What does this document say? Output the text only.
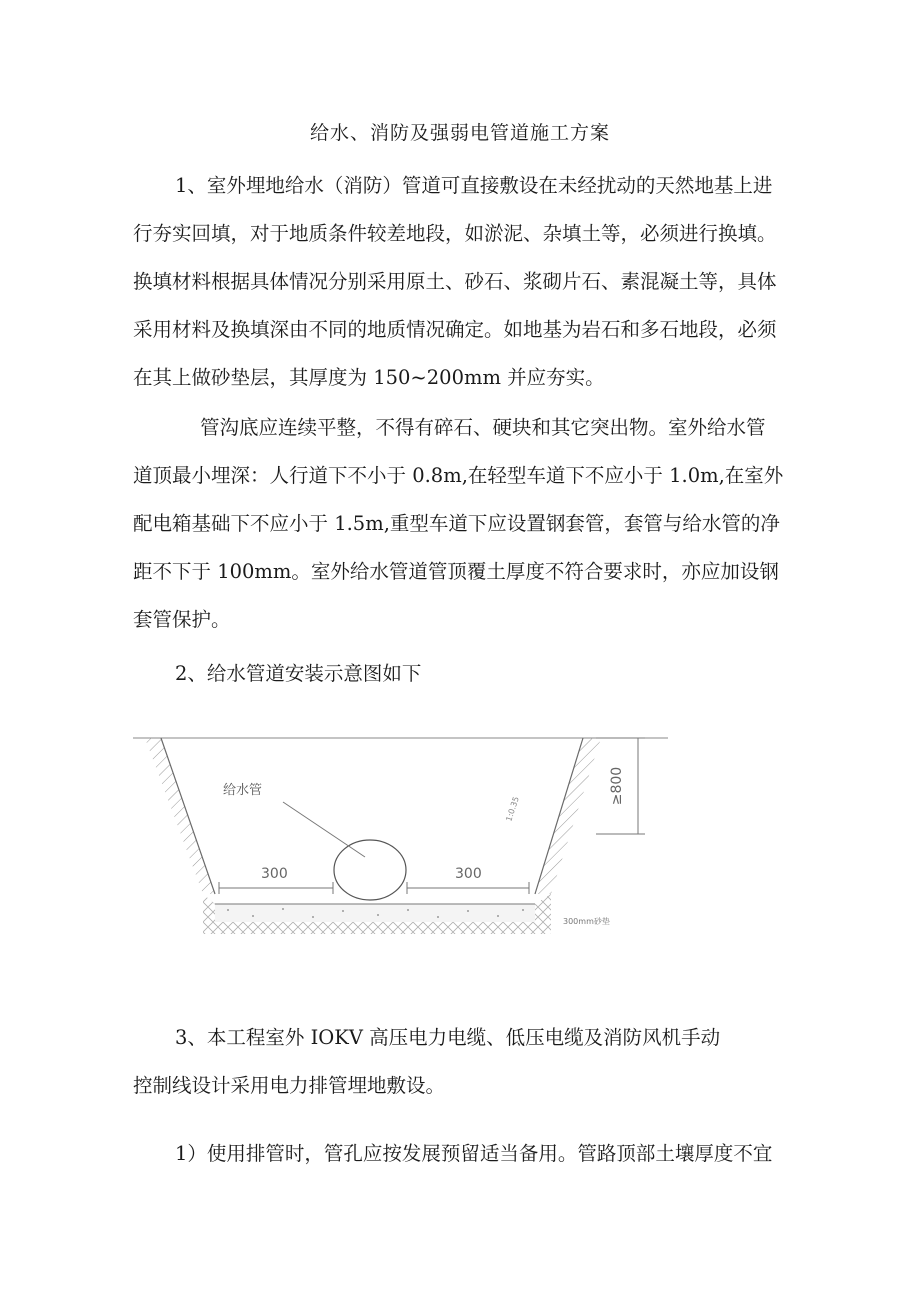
给水、消防及强弱电管道施工方案
1、室外埋地给水（消防）管道可直接敷设在未经扰动的天然地基上进
行夯实回填，对于地质条件较差地段，如淤泥、杂填土等，必须进行换填。
换填材料根据具体情况分别采用原土、砂石、浆砌片石、素混凝土等，具体
采用材料及换填深由不同的地质情况确定。如地基为岩石和多石地段，必须
在其上做砂垫层，其厚度为 150~200mm 并应夯实。
管沟底应连续平整，不得有碎石、硬块和其它突出物。室外给水管
道顶最小埋深：人行道下不小于 0.8m,在轻型车道下不应小于 1.0m,在室外
配电箱基础下不应小于 1.5m,重型车道下应设置钢套管，套管与给水管的净
距不下于 100mm。室外给水管道管顶覆土厚度不符合要求时，亦应加设钢
套管保护。
2、给水管道安装示意图如下
给水管
300	300
1:0.35
≥800
300mm砂垫
3、本工程室外 IOKV 高压电力电缆、低压电缆及消防风机手动
控制线设计采用电力排管埋地敷设。
1）使用排管时，管孔应按发展预留适当备用。管路顶部土壤厚度不宜
